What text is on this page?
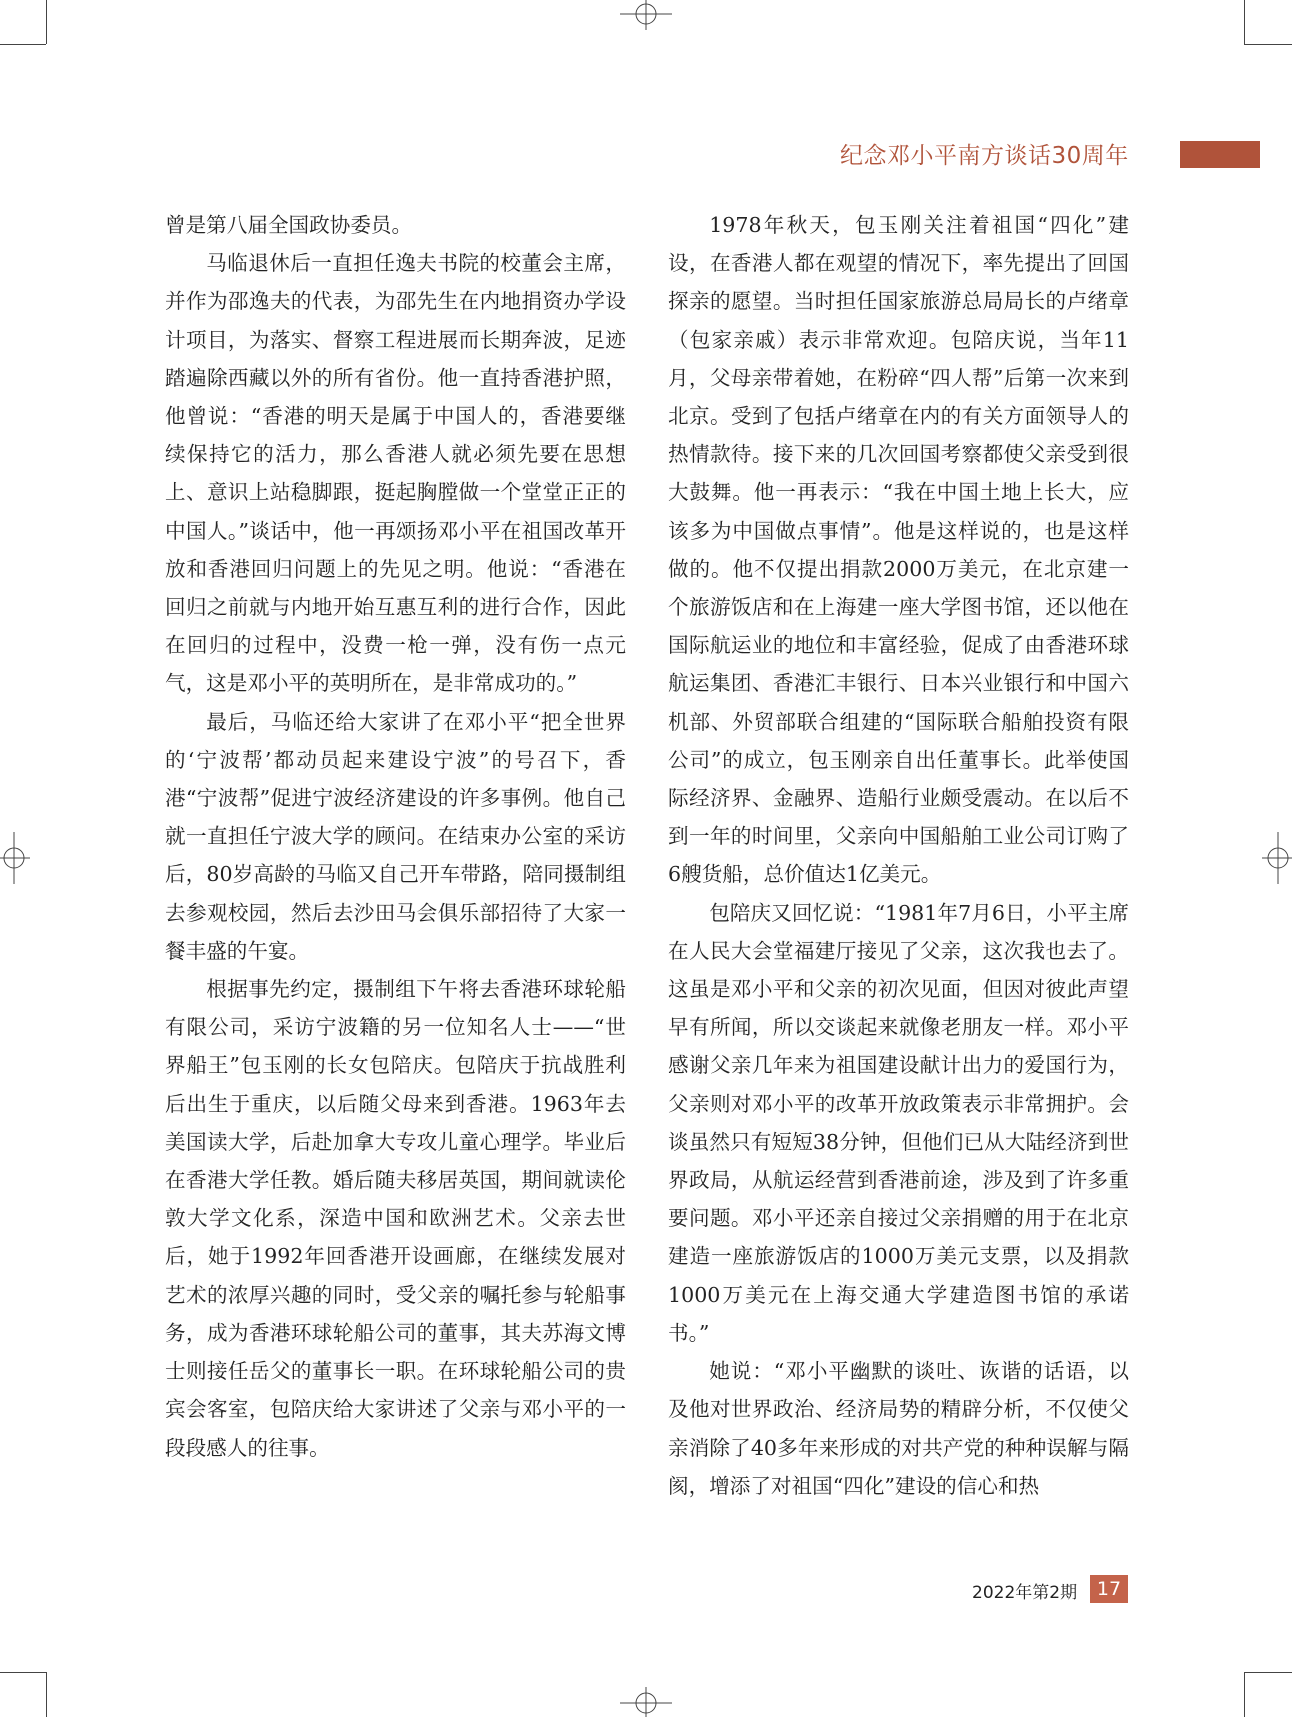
纪念邓小平南方谈话30周年

曾是第八届全国政协委员。

马临退休后一直担任逸夫书院的校董会主席，并作为邵逸夫的代表，为邵先生在内地捐资办学设计项目，为落实、督察工程进展而长期奔波，足迹踏遍除西藏以外的所有省份。他一直持香港护照，他曾说：“香港的明天是属于中国人的，香港要继续保持它的活力，那么香港人就必须先要在思想上、意识上站稳脚跟，挺起胸膛做一个堂堂正正的中国人。”谈话中，他一再颂扬邓小平在祖国改革开放和香港回归问题上的先见之明。他说：“香港在回归之前就与内地开始互惠互利的进行合作，因此在回归的过程中，没费一枪一弹，没有伤一点元气，这是邓小平的英明所在，是非常成功的。”

最后，马临还给大家讲了在邓小平“把全世界的‘宁波帮’都动员起来建设宁波”的号召下，香港“宁波帮”促进宁波经济建设的许多事例。他自己就一直担任宁波大学的顾问。在结束办公室的采访后，80岁高龄的马临又自己开车带路，陪同摄制组去参观校园，然后去沙田马会俱乐部招待了大家一餐丰盛的午宴。

根据事先约定，摄制组下午将去香港环球轮船有限公司，采访宁波籍的另一位知名人士——“世界船王”包玉刚的长女包陪庆。包陪庆于抗战胜利后出生于重庆，以后随父母来到香港。1963年去美国读大学，后赴加拿大专攻儿童心理学。毕业后在香港大学任教。婚后随夫移居英国，期间就读伦敦大学文化系，深造中国和欧洲艺术。父亲去世后，她于1992年回香港开设画廊，在继续发展对艺术的浓厚兴趣的同时，受父亲的嘱托参与轮船事务，成为香港环球轮船公司的董事，其夫苏海文博士则接任岳父的董事长一职。在环球轮船公司的贵宾会客室，包陪庆给大家讲述了父亲与邓小平的一段段感人的往事。

1978年秋天，包玉刚关注着祖国“四化”建设，在香港人都在观望的情况下，率先提出了回国探亲的愿望。当时担任国家旅游总局局长的卢绪章（包家亲戚）表示非常欢迎。包陪庆说，当年11月，父母亲带着她，在粉碎“四人帮”后第一次来到北京。受到了包括卢绪章在内的有关方面领导人的热情款待。接下来的几次回国考察都使父亲受到很大鼓舞。他一再表示：“我在中国土地上长大，应该多为中国做点事情”。他是这样说的，也是这样做的。他不仅提出捐款2000万美元，在北京建一个旅游饭店和在上海建一座大学图书馆，还以他在国际航运业的地位和丰富经验，促成了由香港环球航运集团、香港汇丰银行、日本兴业银行和中国六机部、外贸部联合组建的“国际联合船舶投资有限公司”的成立，包玉刚亲自出任董事长。此举使国际经济界、金融界、造船行业颇受震动。在以后不到一年的时间里，父亲向中国船舶工业公司订购了6艘货船，总价值达1亿美元。

包陪庆又回忆说：“1981年7月6日，小平主席在人民大会堂福建厅接见了父亲，这次我也去了。这虽是邓小平和父亲的初次见面，但因对彼此声望早有所闻，所以交谈起来就像老朋友一样。邓小平感谢父亲几年来为祖国建设献计出力的爱国行为，父亲则对邓小平的改革开放政策表示非常拥护。会谈虽然只有短短38分钟，但他们已从大陆经济到世界政局，从航运经营到香港前途，涉及到了许多重要问题。邓小平还亲自接过父亲捐赠的用于在北京建造一座旅游饭店的1000万美元支票，以及捐款1000万美元在上海交通大学建造图书馆的承诺书。”

她说：“邓小平幽默的谈吐、诙谐的话语，以及他对世界政治、经济局势的精辟分析，不仅使父亲消除了40多年来形成的对共产党的种种误解与隔阂，增添了对祖国“四化”建设的信心和热

2022年第2期	17
